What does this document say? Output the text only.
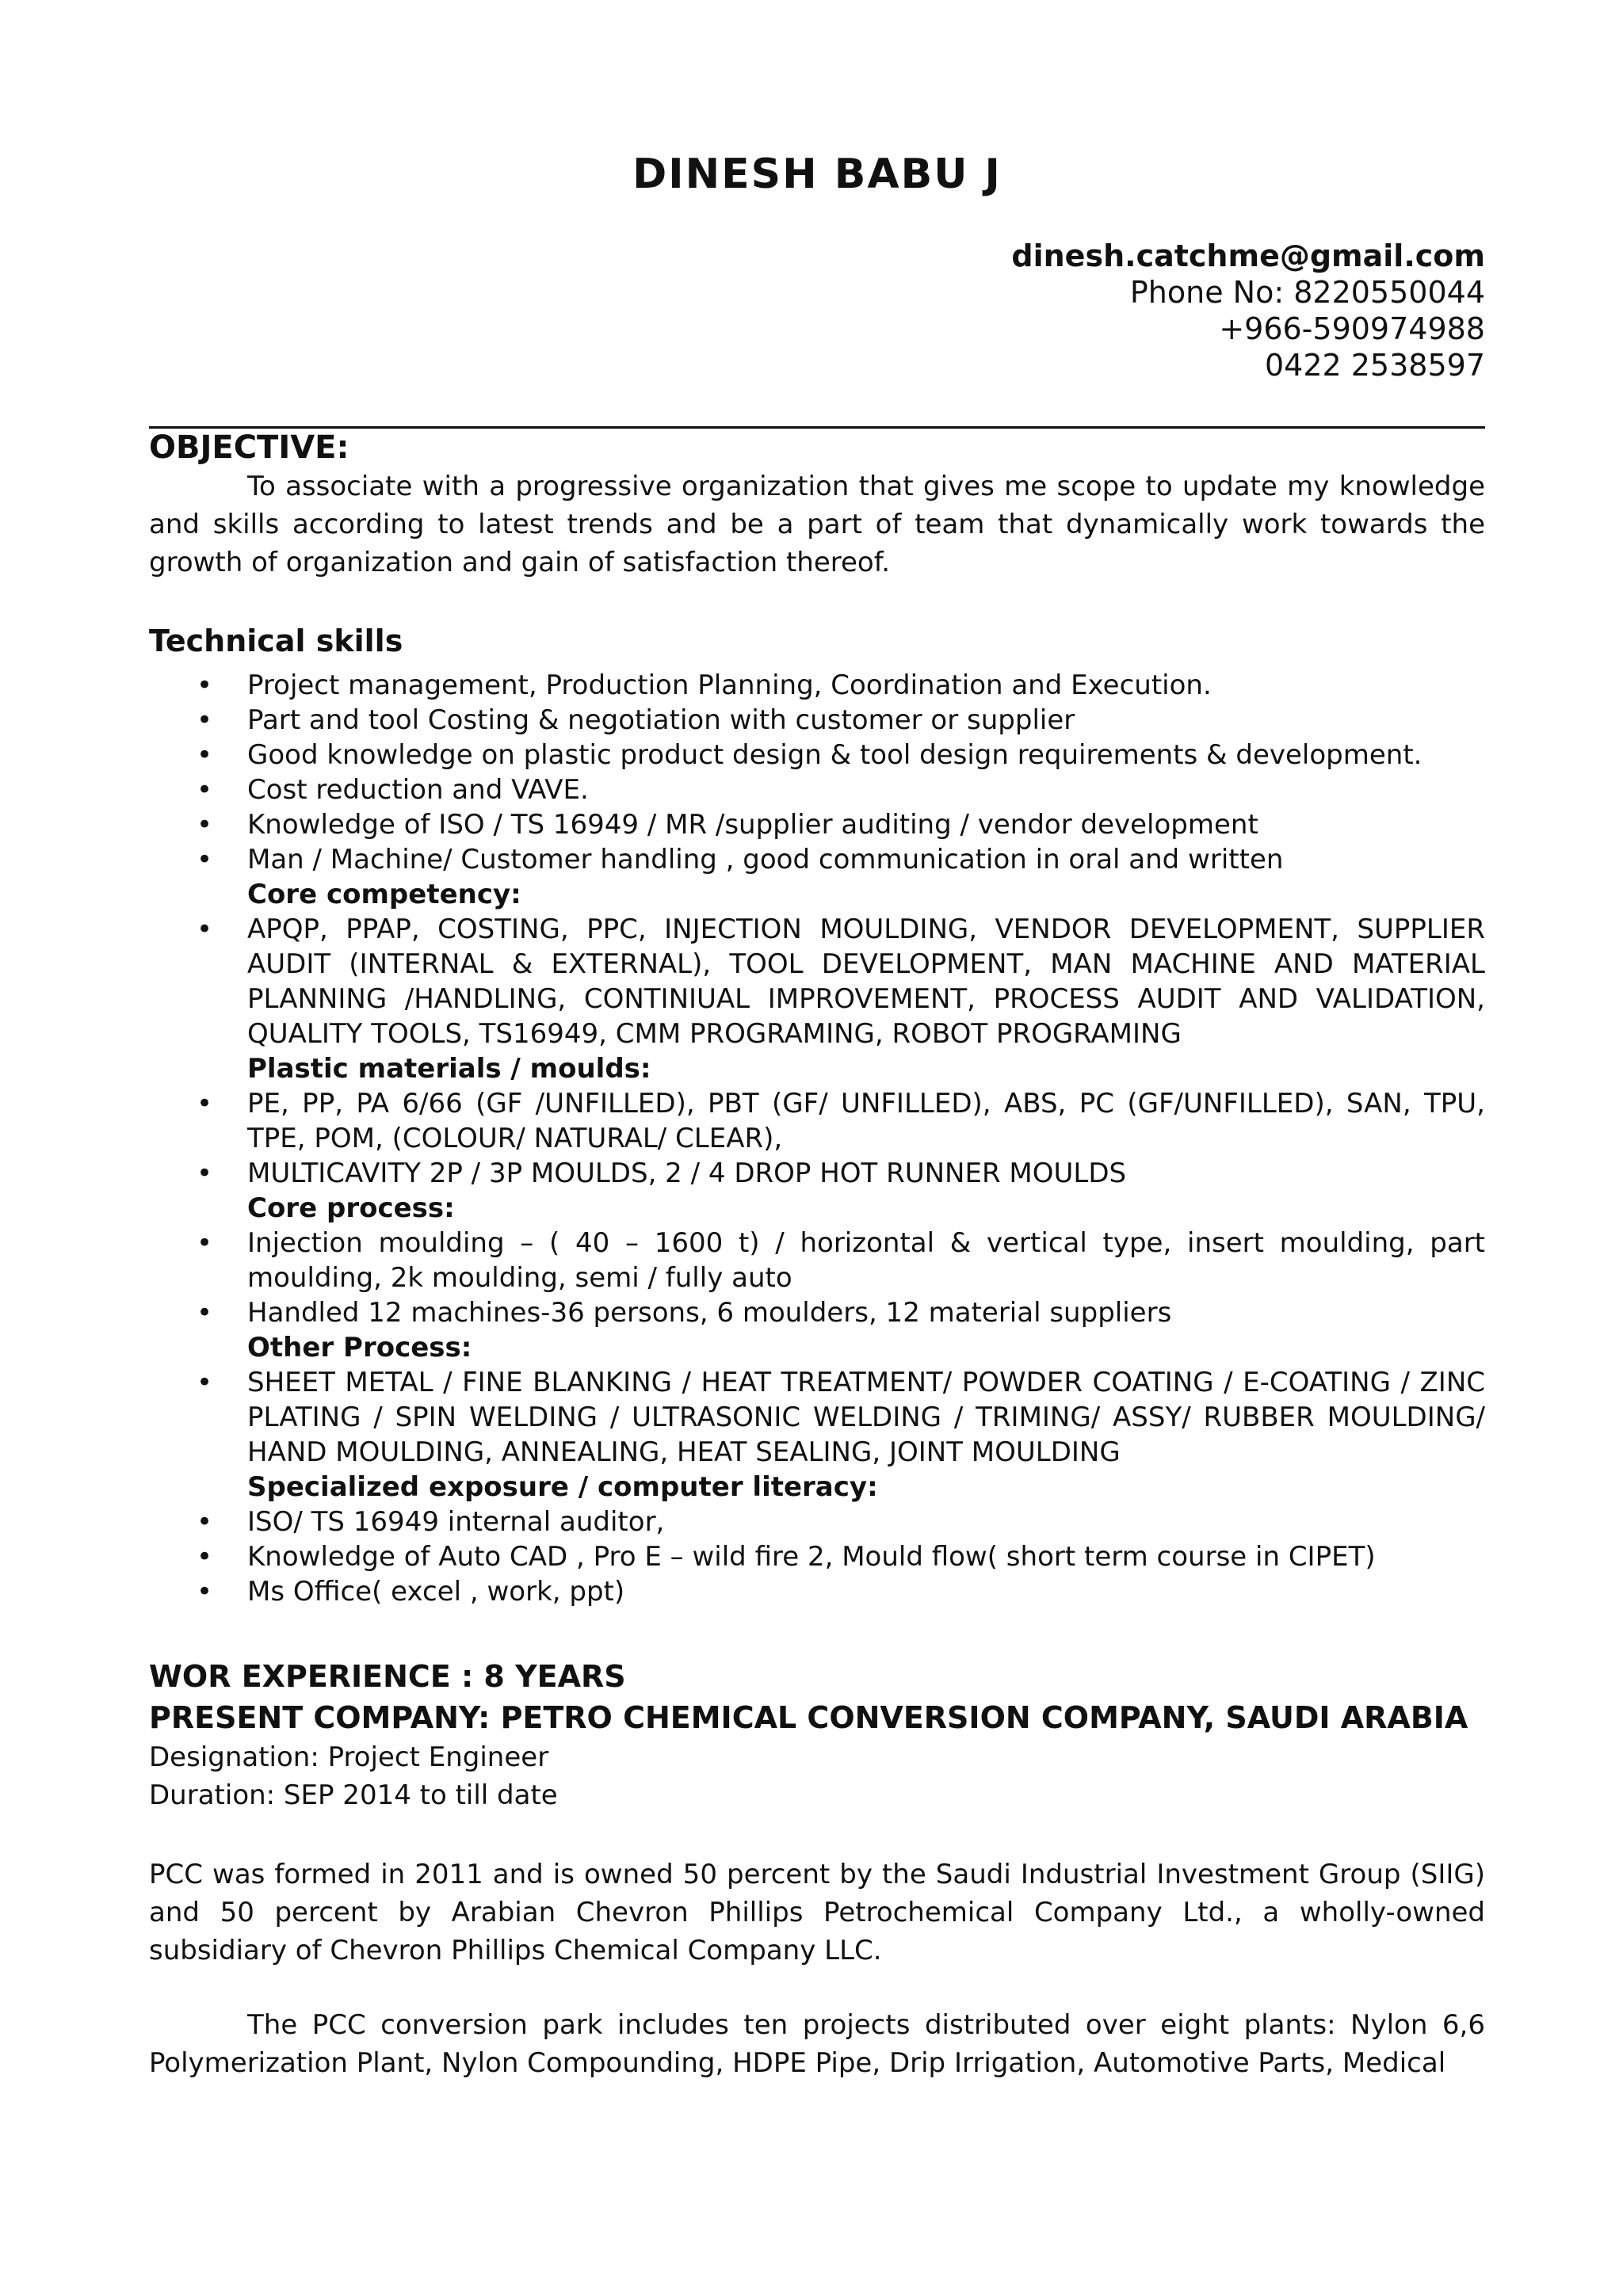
DINESH BABU J
dinesh.catchme@gmail.com
Phone No: 8220550044
+966-590974988
0422 2538597
OBJECTIVE:

To associate with a progressive organization that gives me scope to update my knowledge and skills according to latest trends and be a part of team that dynamically work towards the growth of organization and gain of satisfaction thereof.

Technical skills
• Project management, Production Planning, Coordination and Execution.
• Part and tool Costing & negotiation with customer or supplier
• Good knowledge on plastic product design & tool design requirements & development.
• Cost reduction and VAVE.
• Knowledge of ISO / TS 16949 / MR /supplier auditing / vendor development
• Man / Machine/ Customer handling , good communication in oral and written
Core competency:
• APQP, PPAP, COSTING, PPC, INJECTION MOULDING, VENDOR DEVELOPMENT, SUPPLIER AUDIT (INTERNAL & EXTERNAL), TOOL DEVELOPMENT, MAN MACHINE AND MATERIAL PLANNING /HANDLING, CONTINIUAL IMPROVEMENT, PROCESS AUDIT AND VALIDATION, QUALITY TOOLS, TS16949, CMM PROGRAMING, ROBOT PROGRAMING
Plastic materials / moulds:
• PE, PP, PA 6/66 (GF /UNFILLED), PBT (GF/ UNFILLED), ABS, PC (GF/UNFILLED), SAN, TPU, TPE, POM, (COLOUR/ NATURAL/ CLEAR),
• MULTICAVITY 2P / 3P MOULDS, 2 / 4 DROP HOT RUNNER MOULDS
Core process:
• Injection moulding – ( 40 – 1600 t) / horizontal & vertical type, insert moulding, part moulding, 2k moulding, semi / fully auto
• Handled 12 machines-36 persons, 6 moulders, 12 material suppliers
Other Process:
• SHEET METAL / FINE BLANKING / HEAT TREATMENT/ POWDER COATING / E-COATING / ZINC PLATING / SPIN WELDING / ULTRASONIC WELDING / TRIMING/ ASSY/ RUBBER MOULDING/ HAND MOULDING, ANNEALING, HEAT SEALING, JOINT MOULDING
Specialized exposure / computer literacy:
• ISO/ TS 16949 internal auditor,
• Knowledge of Auto CAD , Pro E – wild fire 2, Mould flow( short term course in CIPET)
• Ms Office( excel , work, ppt)
WOR EXPERIENCE : 8 YEARS

PRESENT COMPANY: PETRO CHEMICAL CONVERSION COMPANY, SAUDI ARABIA

Designation: Project Engineer

Duration: SEP 2014 to till date

PCC was formed in 2011 and is owned 50 percent by the Saudi Industrial Investment Group (SIIG) and 50 percent by Arabian Chevron Phillips Petrochemical Company Ltd., a wholly-owned subsidiary of Chevron Phillips Chemical Company LLC.

The PCC conversion park includes ten projects distributed over eight plants: Nylon 6,6 Polymerization Plant, Nylon Compounding, HDPE Pipe, Drip Irrigation, Automotive Parts, Medical
